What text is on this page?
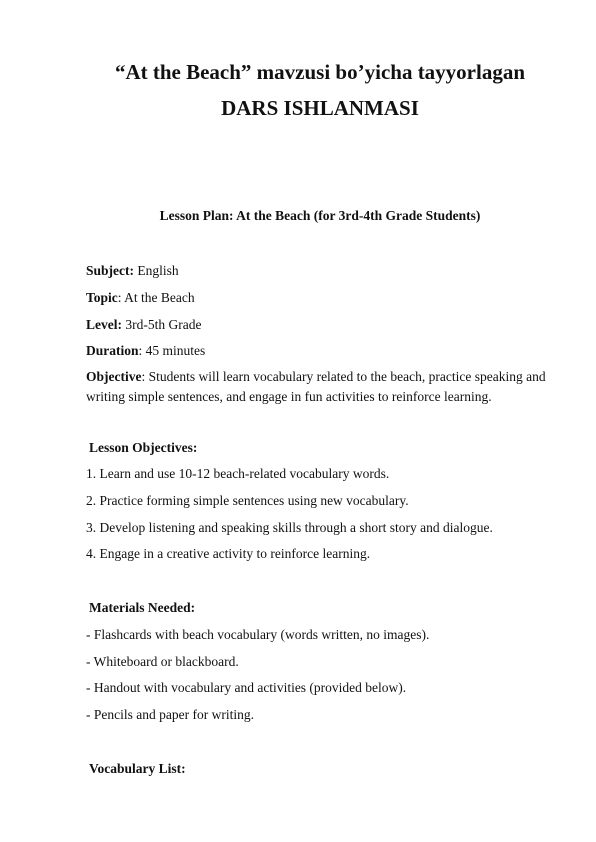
“At the Beach” mavzusi bo’yicha tayyorlagan
DARS ISHLANMASI
Lesson Plan: At the Beach (for 3rd-4th Grade Students)
Subject: English
Topic: At the Beach
Level: 3rd-5th Grade
Duration: 45 minutes
Objective: Students will learn vocabulary related to the beach, practice speaking and writing simple sentences, and engage in fun activities to reinforce learning.
Lesson Objectives:
1. Learn and use 10-12 beach-related vocabulary words.
2. Practice forming simple sentences using new vocabulary.
3. Develop listening and speaking skills through a short story and dialogue.
4. Engage in a creative activity to reinforce learning.
Materials Needed:
- Flashcards with beach vocabulary (words written, no images).
- Whiteboard or blackboard.
- Handout with vocabulary and activities (provided below).
- Pencils and paper for writing.
Vocabulary List:
